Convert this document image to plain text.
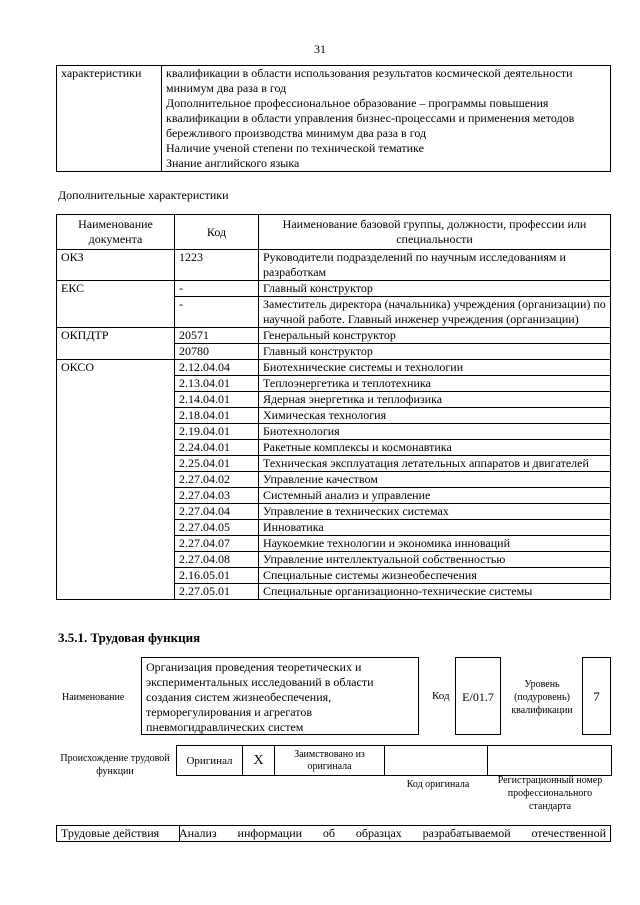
31
характеристики	квалификации в области использования результатов космической деятельности
минимум два раза в год
Дополнительное профессиональное образование – программы повышения
квалификации в области управления бизнес-процессами и применения методов
бережливого производства минимум два раза в год
Наличие ученой степени по технической тематике
Знание английского языка
Дополнительные характеристики
Наименование документа	Код	Наименование базовой группы, должности, профессии или специальности
ОКЗ	1223	Руководители подразделений по научным исследованиям и разработкам
ЕКС	-	Главный конструктор
	-	Заместитель директора (начальника) учреждения (организации) по научной работе. Главный инженер учреждения (организации)
ОКПДТР	20571	Генеральный конструктор
	20780	Главный конструктор
ОКСО	2.12.04.04	Биотехнические системы и технологии
	2.13.04.01	Теплоэнергетика и теплотехника
	2.14.04.01	Ядерная энергетика и теплофизика
	2.18.04.01	Химическая технология
	2.19.04.01	Биотехнология
	2.24.04.01	Ракетные комплексы и космонавтика
	2.25.04.01	Техническая эксплуатация летательных аппаратов и двигателей
	2.27.04.02	Управление качеством
	2.27.04.03	Системный анализ и управление
	2.27.04.04	Управление в технических системах
	2.27.04.05	Инноватика
	2.27.04.07	Наукоемкие технологии и экономика инноваций
	2.27.04.08	Управление интеллектуальной собственностью
	2.16.05.01	Специальные системы жизнеобеспечения
	2.27.05.01	Специальные организационно-технические системы
3.5.1. Трудовая функция
Наименование
Организация проведения теоретических и
экспериментальных исследований в области
создания систем жизнеобеспечения,
терморегулирования и агрегатов
пневмогидравлических систем
Код	E/01.7
Уровень (подуровень) квалификации
7
Происхождение трудовой функции
Оригинал	X	Заимствовано из оригинала
Код оригинала	Регистрационный номер профессионального стандарта
Трудовые действия	Анализ информации об образцах разрабатываемой отечественной
